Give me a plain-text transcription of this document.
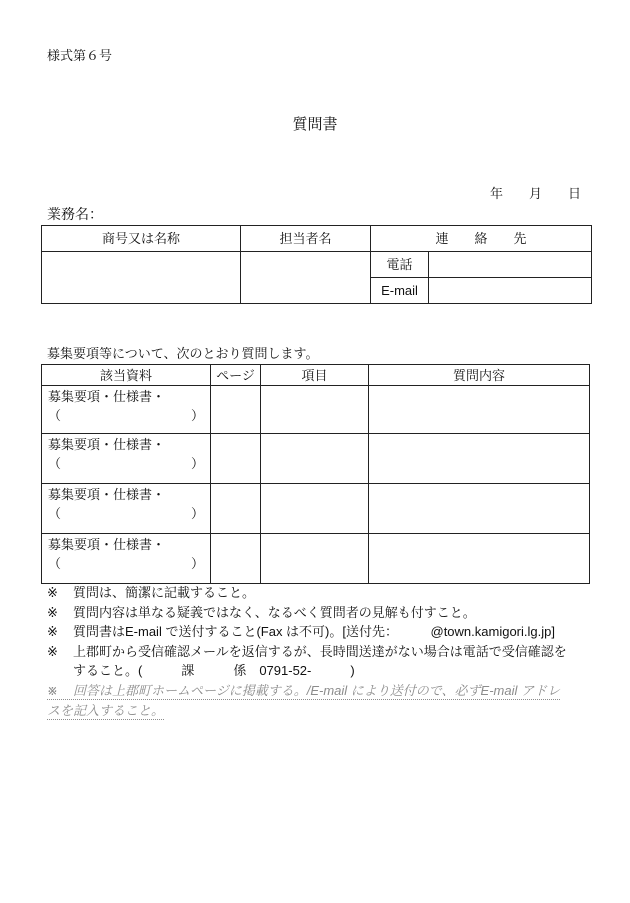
様式第６号
質問書
年　　月　　日
業務名：
商号又は名称	担当者名	連　　絡　　先	
		電話	
		E-mail	
募集要項等について、次のとおり質問します。
該当資料	ページ	項目	質問内容

募集要項・仕様書・
（　　　　　　　　　　）			

募集要項・仕様書・
（　　　　　　　　　　）			

募集要項・仕様書・
（　　　　　　　　　　）			

募集要項・仕様書・
（　　　　　　　　　　）			

※ 質問は、簡潔に記載すること。
※ 質問内容は単なる疑義ではなく、なるべく質問者の見解も付すこと。
※ 質問書はE-mail で送付すること(Fax は不可)。[送付先：　　　@town.kamigori.lg.jp]
※ 上郡町から受信確認メールを返信するが、長時間送達がない場合は電話で受信確認を
すること。(　　　課　　　係　0791-52-　　　)
※ 回答は上郡町ホームページに掲載する。/E-mail により送付ので、必ずE-mail アドレ
スを記入すること。
